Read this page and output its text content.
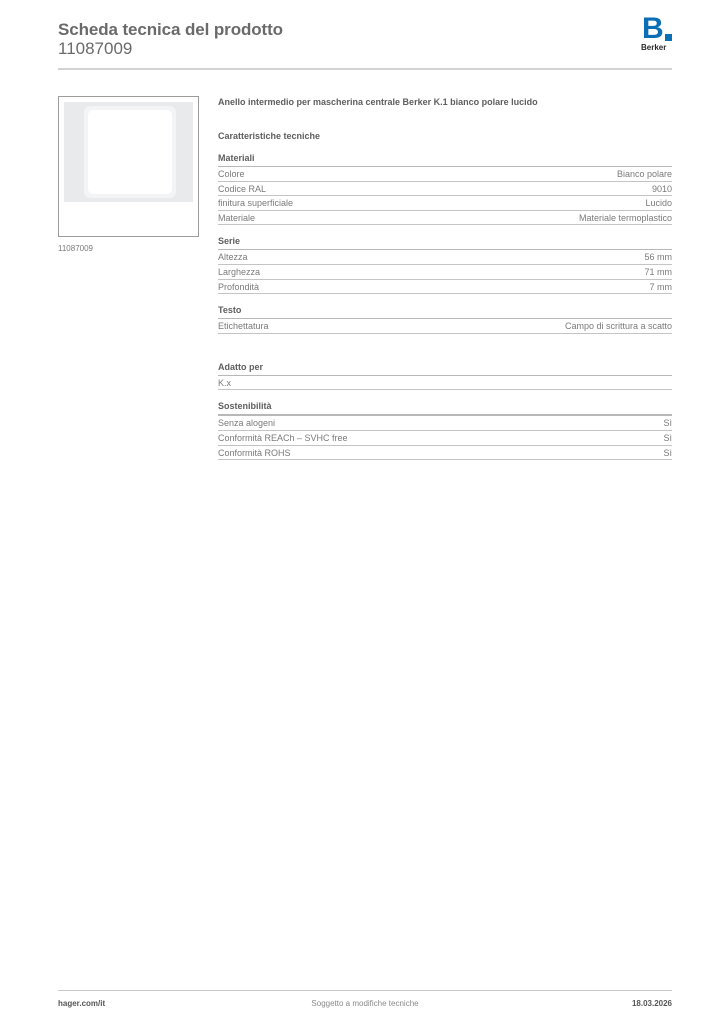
Scheda tecnica del prodotto
11087009
B
Berker
11087009
Anello intermedio per mascherina centrale Berker K.1 bianco polare lucido
Caratteristiche tecniche
Materiali
Colore	Bianco polare
Codice RAL	9010
finitura superficiale	Lucido
Materiale	Materiale termoplastico
Serie
Altezza	56 mm
Larghezza	71 mm
Profondità	7 mm
Testo
Etichettatura	Campo di scrittura a scatto
Adatto per
K.x
Sostenibilità
Senza alogeni	Sì
Conformità REACh – SVHC free	Sì
Conformità ROHS	Sì
hager.com/it	Soggetto a modifiche tecniche	18.03.2026
